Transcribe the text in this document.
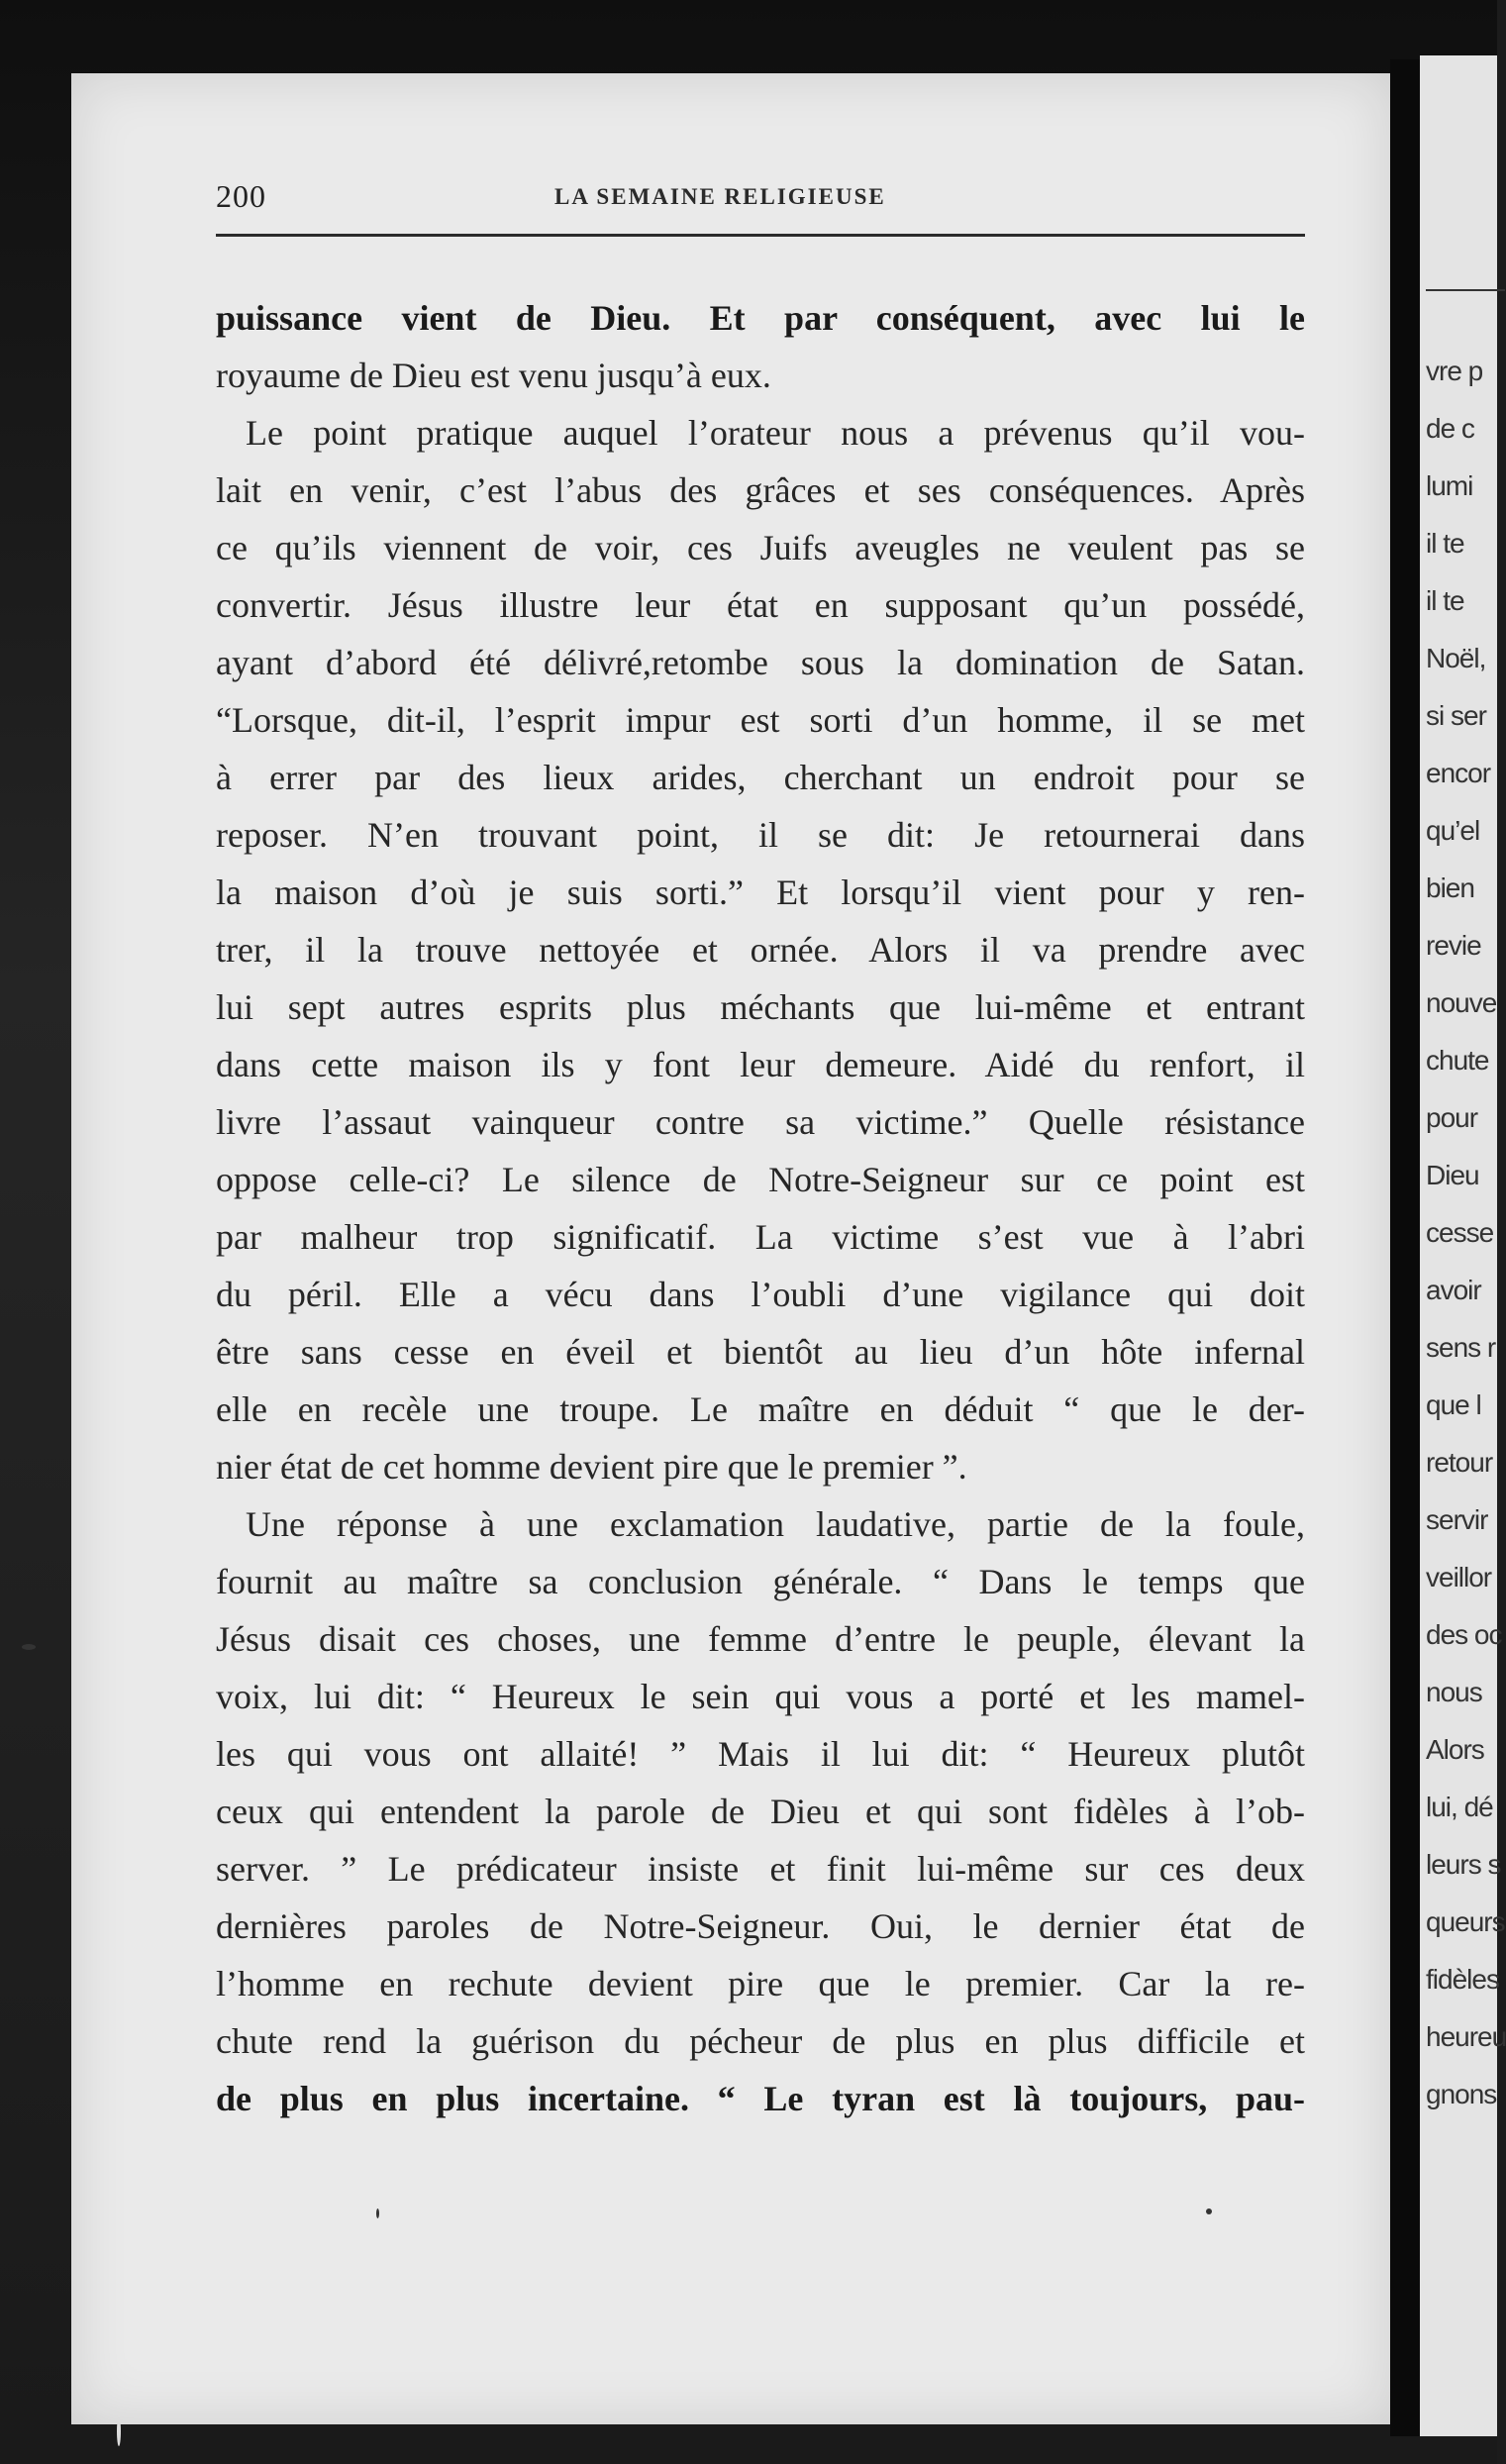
200	LA SEMAINE RELIGIEUSE
puissance vient de Dieu. Et par conséquent, avec lui le
royaume de Dieu est venu jusqu’à eux.
Le point pratique auquel l’orateur nous a prévenus qu’il vou-
lait en venir, c’est l’abus des grâces et ses conséquences. Après
ce qu’ils viennent de voir, ces Juifs aveugles ne veulent pas se
convertir. Jésus illustre leur état en supposant qu’un possédé,
ayant d’abord été délivré,retombe sous la domination de Satan.
“Lorsque, dit-il, l’esprit impur est sorti d’un homme, il se met
à errer par des lieux arides, cherchant un endroit pour se
reposer. N’en trouvant point, il se dit: Je retournerai dans
la maison d’où je suis sorti.” Et lorsqu’il vient pour y ren-
trer, il la trouve nettoyée et ornée. Alors il va prendre avec
lui sept autres esprits plus méchants que lui-même et entrant
dans cette maison ils y font leur demeure. Aidé du renfort, il
livre l’assaut vainqueur contre sa victime.” Quelle résistance
oppose celle-ci? Le silence de Notre-Seigneur sur ce point est
par malheur trop significatif. La victime s’est vue à l’abri
du péril. Elle a vécu dans l’oubli d’une vigilance qui doit
être sans cesse en éveil et bientôt au lieu d’un hôte infernal
elle en recèle une troupe. Le maître en déduit “ que le der-
nier état de cet homme devient pire que le premier ”.
Une réponse à une exclamation laudative, partie de la foule,
fournit au maître sa conclusion générale. “ Dans le temps que
Jésus disait ces choses, une femme d’entre le peuple, élevant la
voix, lui dit: “ Heureux le sein qui vous a porté et les mamel-
les qui vous ont allaité! ” Mais il lui dit: “ Heureux plutôt
ceux qui entendent la parole de Dieu et qui sont fidèles à l’ob-
server. ” Le prédicateur insiste et finit lui-même sur ces deux
dernières paroles de Notre-Seigneur. Oui, le dernier état de
l’homme en rechute devient pire que le premier. Car la re-
chute rend la guérison du pécheur de plus en plus difficile et
de plus en plus incertaine. “ Le tyran est là toujours, pau-
vre p
de c
lumi
il te
il te
Noël,
si ser
encor
qu’el
bien
revie
nouve
chute
pour
Dieu
cesse
avoir
sens r
que l
retour
servir
veillor
des oc
nous
Alors
lui, dé
leurs s
queurs
fidèles
heureu
gnons
